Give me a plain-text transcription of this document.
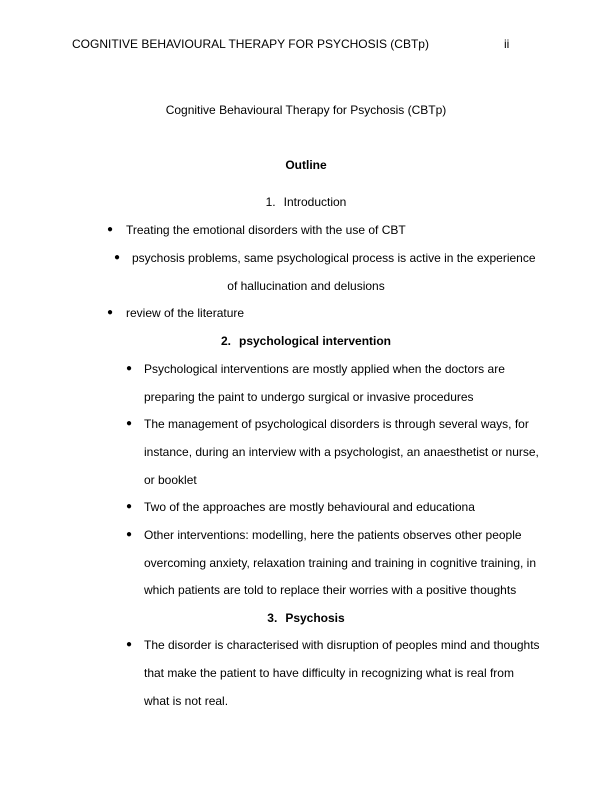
COGNITIVE BEHAVIOURAL THERAPY FOR PSYCHOSIS (CBTp)	ii
Cognitive Behavioural Therapy for Psychosis (CBTp)
Outline
1. Introduction
● Treating the emotional disorders with the use of CBT
● psychosis problems, same psychological process is active in the experience
of hallucination and delusions
● review of the literature
2. psychological intervention
● Psychological interventions are mostly applied when the doctors are
preparing the paint to undergo surgical or invasive procedures
● The management of psychological disorders is through several ways, for
instance, during an interview with a psychologist, an anaesthetist or nurse,
or booklet
● Two of the approaches are mostly behavioural and educationa
● Other interventions: modelling, here the patients observes other people
overcoming anxiety, relaxation training and training in cognitive training, in
which patients are told to replace their worries with a positive thoughts
3. Psychosis
● The disorder is characterised with disruption of peoples mind and thoughts
that make the patient to have difficulty in recognizing what is real from
what is not real.
